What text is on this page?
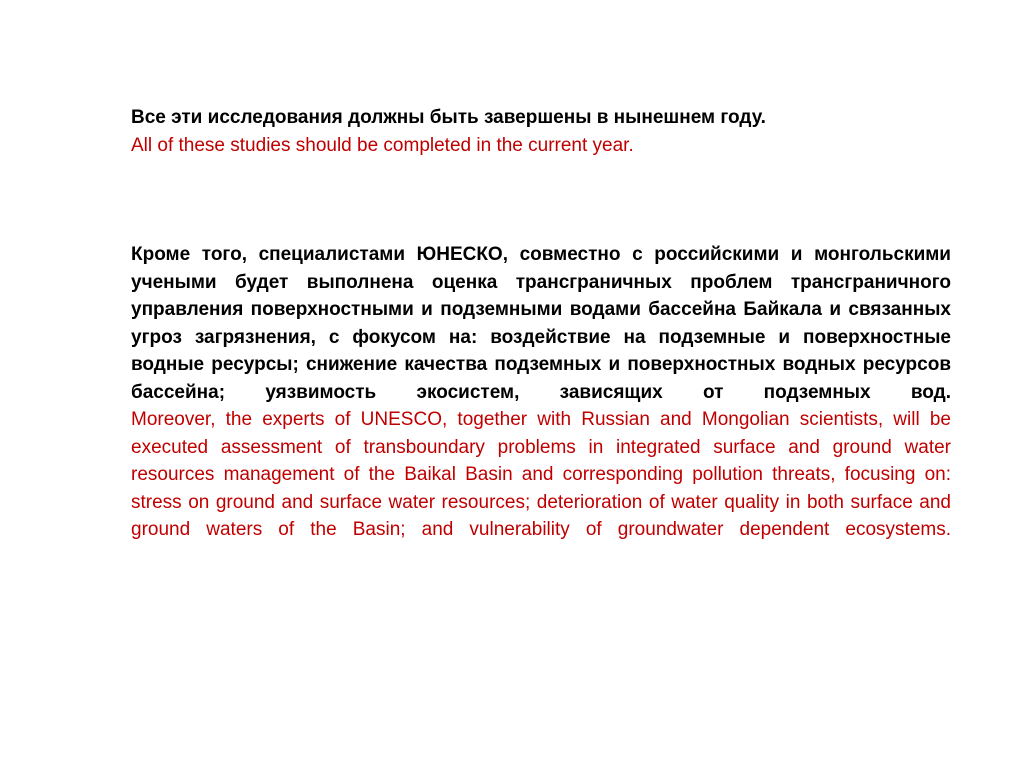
Все эти исследования должны быть завершены в нынешнем году.

All of these studies should be completed in the current year.

Кроме того, специалистами ЮНЕСКО, совместно с российскими и монгольскими учеными будет выполнена оценка трансграничных проблем трансграничного управления поверхностными и подземными водами бассейна Байкала и связанных угроз загрязнения, с фокусом на: воздействие на подземные и поверхностные водные ресурсы; снижение качества подземных и поверхностных водных ресурсов бассейна; уязвимость экосистем, зависящих от подземных вод.

Moreover, the experts of UNESCO, together with Russian and Mongolian scientists, will be executed assessment of transboundary problems in integrated surface and ground water resources management of the Baikal Basin and corresponding pollution threats, focusing on: stress on ground and surface water resources; deterioration of water quality in both surface and ground waters of the Basin; and vulnerability of groundwater dependent ecosystems.
